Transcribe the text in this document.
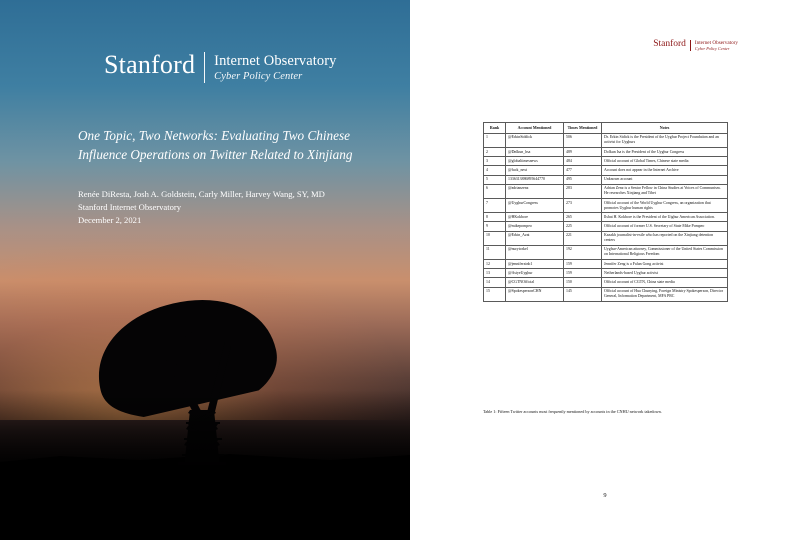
Stanford	Internet Observatory
Cyber Policy Center
One Topic, Two Networks: Evaluating Two Chinese Influence Operations on Twitter Related to Xinjiang
Renée DiResta, Josh A. Goldstein, Carly Miller, Harvey Wang, SY, MD
Stanford Internet Observatory
December 2, 2021
Stanford	Internet Observatory
Cyber Policy Center
Rank	Account Mentioned	Times Mentioned	Notes
1	@ErkinSiddick	506	Dr. Erkin Sidick is the President of the Uyghur Project Foundation and an activist for Uyghurs
2	@Dnlkun_hsa	489	Dolkun Isa is the President of the Uyghur Congress
3	@globaltimesnews	484	Official account of Global Times, Chinese state media
4	@fuck_next	477	Account does not appear in the Internet Archive
5	1336313886895644770	495	Unknown account
6	@adrianzenz	283	Adrian Zenz is a Senior Fellow in China Studies at Voices of Communism. He researches Xinjiang and Tibet
7	@UyghurCongress	273	Official account of the World Uyghur Congress, an organization that promotes Uyghur human rights
8	@HKokbore	265	Ilshat H. Kokbore is the President of the Uighur American Association.
9	@mikepompeo	225	Official account of former U.S. Secretary of State Mike Pompeo
10	@Erkin_Azat	221	Kazakh journalist-in-exile who has reported on the Xinjiang detention centers
11	@nurytorkel	192	Uyghur-American attorney, Commissioner of the United States Commission on International Religious Freedom
12	@jenniferzinb1	159	Jennifer Zeng is a Falun Gong activist
13	@AsiyeUyghur	159	Netherlands-based Uyghur activist
14	@CGTNOfficial	150	Official account of CGTN, China state media
15	@SpokespersonCHN	145	Official account of Hua Chunying, Foreign Ministry Spokesperson, Director General, Information Department, MFA PRC
Table 1: Fifteen Twitter accounts most frequently mentioned by accounts in the CNHU network takedown.
9
